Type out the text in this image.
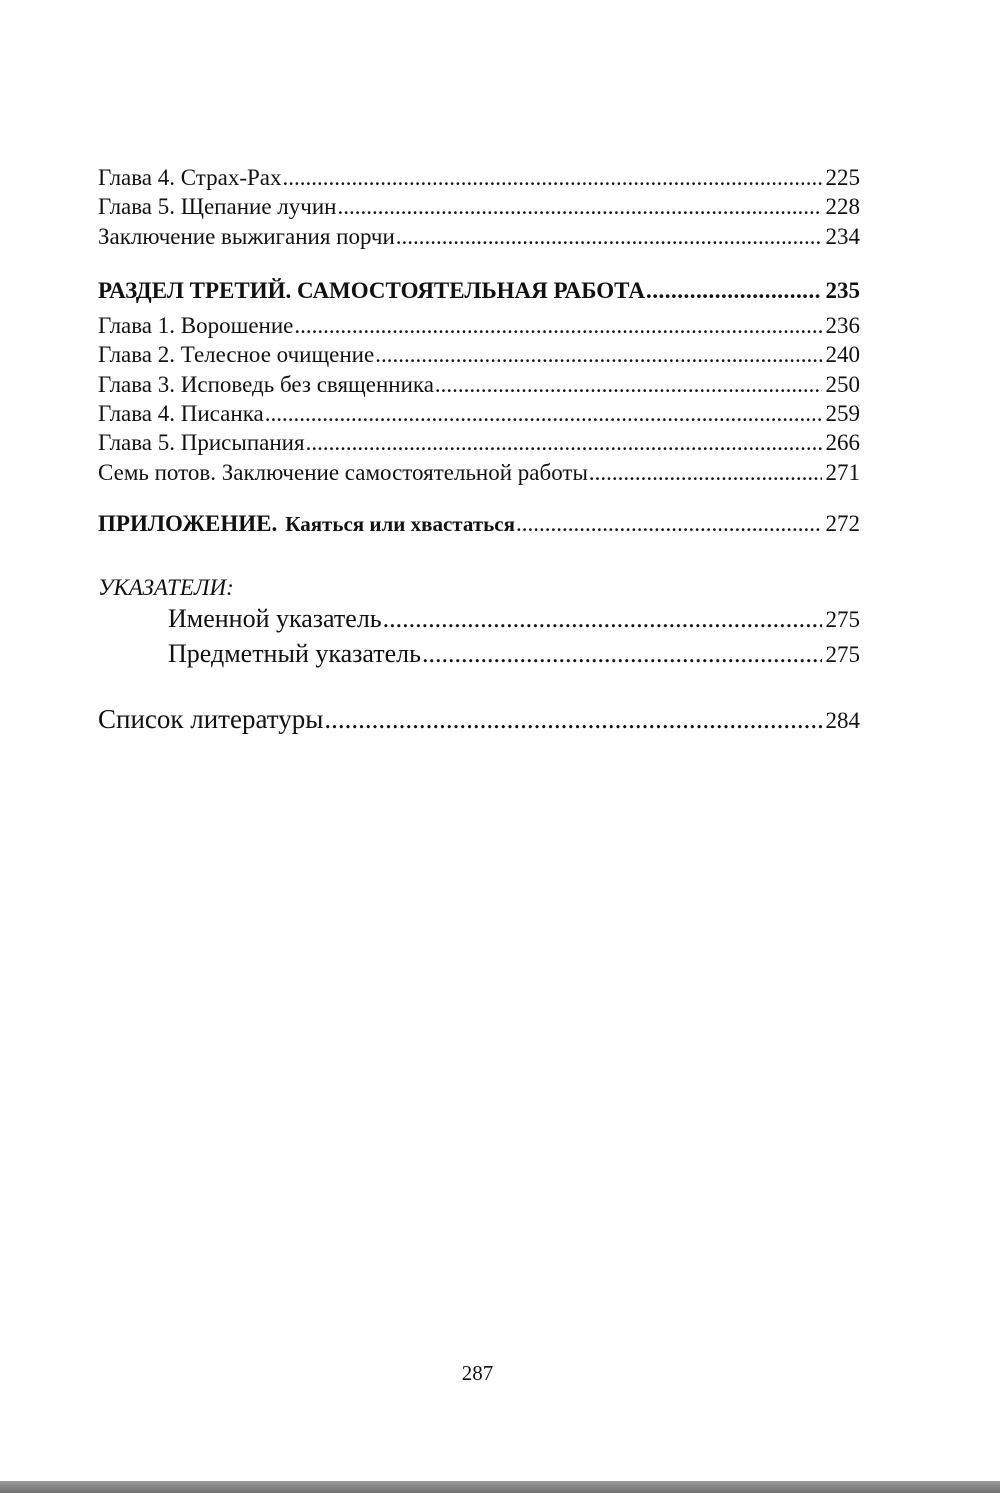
Глава 4. Страх-Рах .....	225
Глава 5. Щепание лучин .....	228
Заключение выжигания порчи .....	234
РАЗДЕЛ ТРЕТИЙ. САМОСТОЯТЕЛЬНАЯ РАБОТА .....	235
Глава 1. Ворошение .....	236
Глава 2. Телесное очищение .....	240
Глава 3. Исповедь без священника .....	250
Глава 4. Писанка .....	259
Глава 5. Присыпания .....	266
Семь потов. Заключение самостоятельной работы .....	271
ПРИЛОЖЕНИЕ. Каяться или хвастаться .....	272
УКАЗАТЕЛИ:
Именной указатель .....	275
Предметный указатель .....	275
Список литературы .....	284
287
